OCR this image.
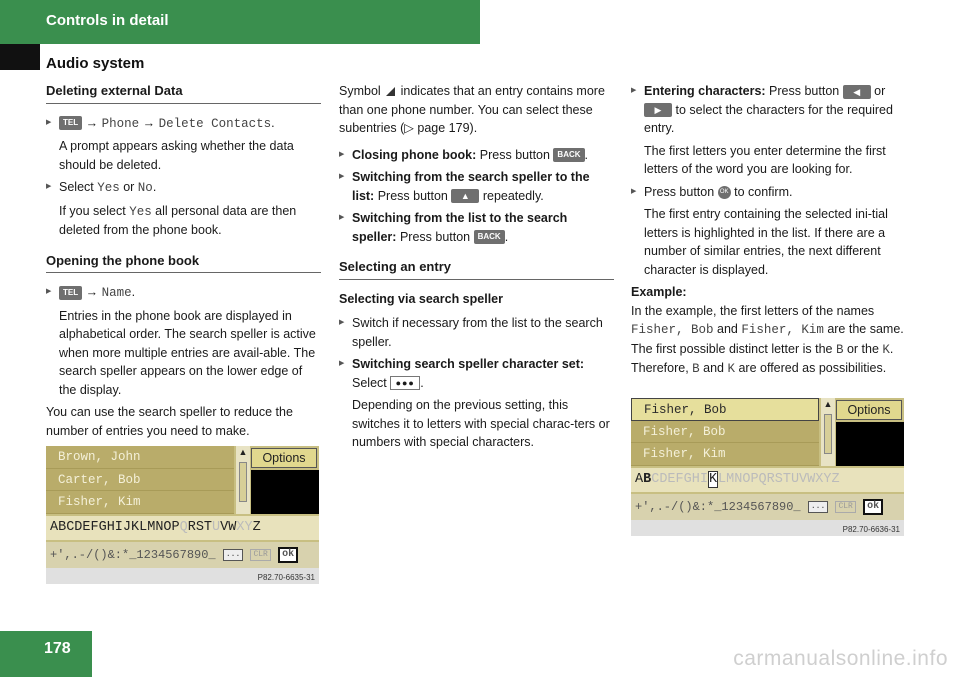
Controls in detail
Audio system
Deleting external Data
▶ TEL → Phone → Delete Contacts.

A prompt appears asking whether the data should be deleted.

▶ Select Yes or No.

If you select Yes all personal data are then deleted from the phone book.

Opening the phone book
▶ TEL → Name.

Entries in the phone book are displayed in alphabetical order. The search speller is active when more multiple entries are avail-able. The search speller appears on the lower edge of the display.

You can use the search speller to reduce the number of entries you need to make.

Brown, John
Carter, Bob
Fisher, Kim
▲	Options
ABCDEFGHIJKLMNOPQRSTUVWXYZ
+',.-/()&:*_1234567890_ ... CLR ok
P82.70-6635-31

Symbol  indicates that an entry contains more than one phone number. You can select these subentries (▷ page 179).

▶ Closing phone book: Press button BACK .
▶ Switching from the search speller to the list: Press button ▲ repeatedly.
▶ Switching from the list to the search speller: Press button BACK .
Selecting an entry
Selecting via search speller
▶ Switch if necessary from the list to the search speller.
▶ Switching search speller character set: Select ●●● .

Depending on the previous setting, this switches it to letters with special charac-ters or numbers with special characters.

▶ Entering characters: Press button ◀ or ▶ to select the characters for the required entry.

The first letters you enter determine the first letters of the word you are looking for.

▶ Press button OK to confirm.

The first entry containing the selected ini-tial letters is highlighted in the list. If there are a number of similar entries, the next different character is displayed.

Example:

In the example, the first letters of the names Fisher, Bob and Fisher, Kim are the same. The first possible distinct letter is the B or the K.
Therefore, B and K are offered as possibilities.

Fisher, Bob
Fisher, Bob
Fisher, Kim
▲	Options
ABCDEFGHIKLMNOPQRSTUVWXYZ
+',.-/()&:*_1234567890_ ... CLR ok
P82.70-6636-31
178	carmanualsonline.info
